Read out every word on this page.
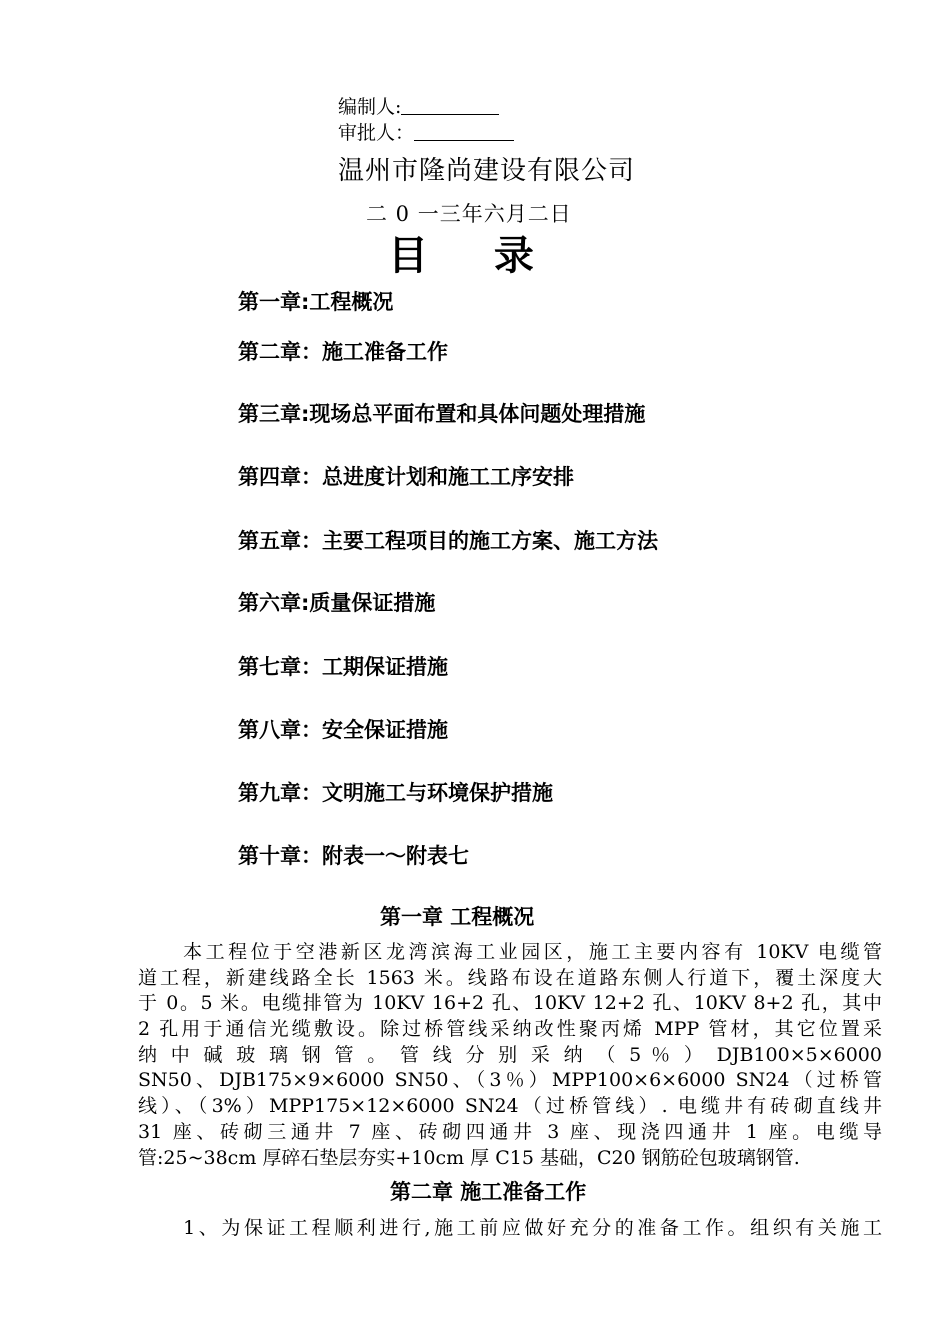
编制人:
审批人：
温州市隆尚建设有限公司
二 0 一三年六月二日
目 录
第一章:工程概况
第二章：施工准备工作
第三章:现场总平面布置和具体问题处理措施
第四章：总进度计划和施工工序安排
第五章：主要工程项目的施工方案、施工方法
第六章:质量保证措施
第七章：工期保证措施
第八章：安全保证措施
第九章：文明施工与环境保护措施
第十章：附表一～附表七
第一章 工程概况
　　本工程位于空港新区龙湾滨海工业园区，施工主要内容有 10KV 电缆管
道工程，新建线路全长 1563 米。线路布设在道路东侧人行道下，覆土深度大
于 0。5 米。电缆排管为 10KV 16+2 孔、10KV 12+2 孔、10KV 8+2 孔，其中
2 孔用于通信光缆敷设。除过桥管线采纳改性聚丙烯 MPP 管材，其它位置采
纳 中 碱 玻 璃 钢 管 。 管 线 分 别 采 纳 （ 5 ％ ） DJB100×5×6000
SN50、DJB175×9×6000 SN50、（3％）MPP100×6×6000 SN24（过桥管
线）、（3%）MPP175×12×6000 SN24（过桥管线）. 电缆井有砖砌直线井
31 座、砖砌三通井 7 座、砖砌四通井 3 座、现浇四通井 1 座。电缆导
管:25~38cm 厚碎石垫层夯实+10cm 厚 C15 基础，C20 钢筋砼包玻璃钢管.
第二章 施工准备工作
　　1、为保证工程顺利进行,施工前应做好充分的准备工作。组织有关施工
